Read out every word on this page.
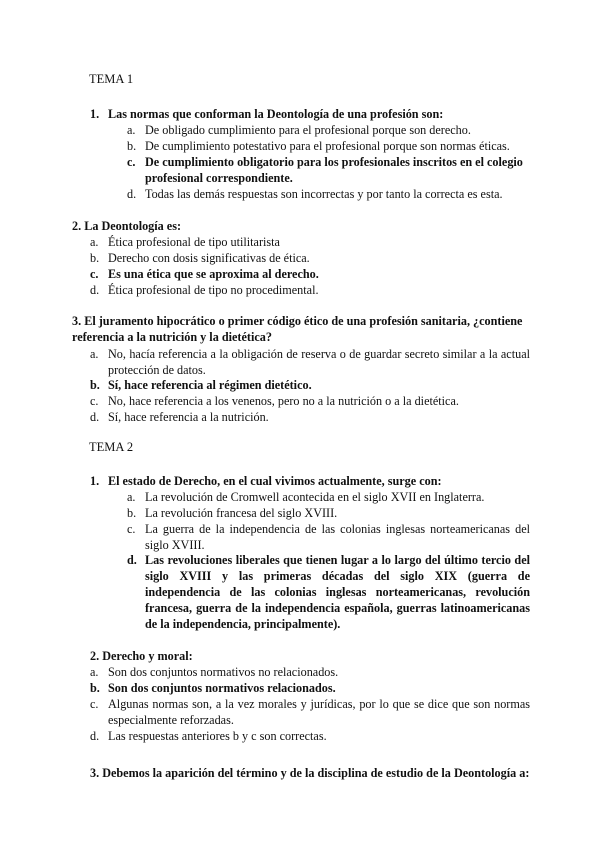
TEMA 1
1. Las normas que conforman la Deontología de una profesión son:
a. De obligado cumplimiento para el profesional porque son derecho.
b. De cumplimiento potestativo para el profesional porque son normas éticas.
c. De cumplimiento obligatorio para los profesionales inscritos en el colegio profesional correspondiente.
d. Todas las demás respuestas son incorrectas y por tanto la correcta es esta.
2. La Deontología es:
a. Ética profesional de tipo utilitarista
b. Derecho con dosis significativas de ética.
c. Es una ética que se aproxima al derecho.
d. Ética profesional de tipo no procedimental.
3. El juramento hipocrático o primer código ético de una profesión sanitaria, ¿contiene referencia a la nutrición y la dietética?
a. No, hacía referencia a la obligación de reserva o de guardar secreto similar a la actual protección de datos.
b. Sí, hace referencia al régimen dietético.
c. No, hace referencia a los venenos, pero no a la nutrición o a la dietética.
d. Sí, hace referencia a la nutrición.
TEMA 2
1. El estado de Derecho, en el cual vivimos actualmente, surge con:
a. La revolución de Cromwell acontecida en el siglo XVII en Inglaterra.
b. La revolución francesa del siglo XVIII.
c. La guerra de la independencia de las colonias inglesas norteamericanas del siglo XVIII.
d. Las revoluciones liberales que tienen lugar a lo largo del último tercio del siglo XVIII y las primeras décadas del siglo XIX (guerra de independencia de las colonias inglesas norteamericanas, revolución francesa, guerra de la independencia española, guerras latinoamericanas de la independencia, principalmente).
2. Derecho y moral:
a. Son dos conjuntos normativos no relacionados.
b. Son dos conjuntos normativos relacionados.
c. Algunas normas son, a la vez morales y jurídicas, por lo que se dice que son normas especialmente reforzadas.
d. Las respuestas anteriores b y c son correctas.
3. Debemos la aparición del término y de la disciplina de estudio de la Deontología a:
